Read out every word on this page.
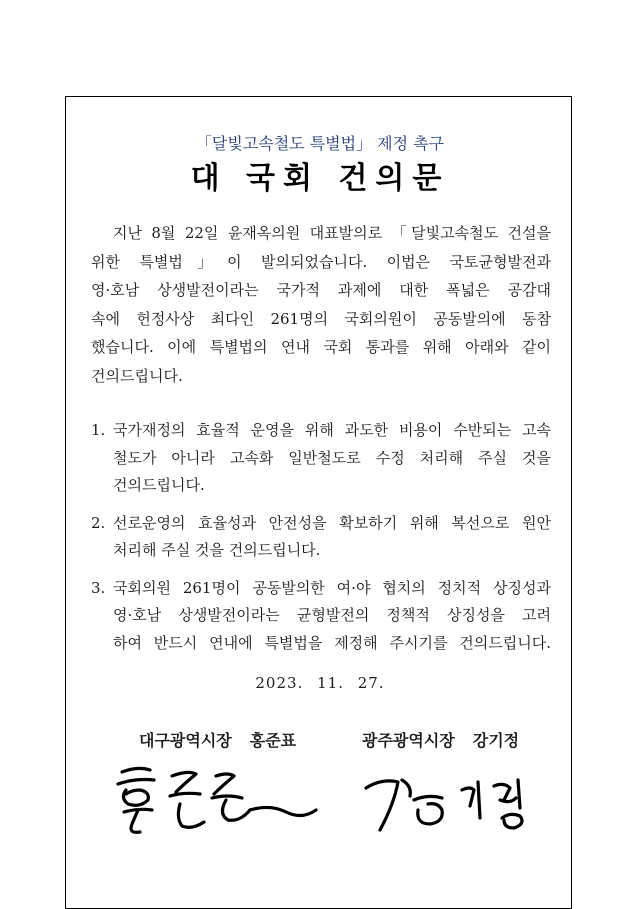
「달빛고속철도 특별법」 제정 촉구
대 국회 건의문
지난 8월 22일 윤재옥의원 대표발의로 「달빛고속철도 건설을
위한 특별법」이 발의되었습니다. 이법은 국토균형발전과
영·호남 상생발전이라는 국가적 과제에 대한 폭넓은 공감대
속에 헌정사상 최다인 261명의 국회의원이 공동발의에 동참
했습니다. 이에 특별법의 연내 국회 통과를 위해 아래와 같이
건의드립니다.
1. 국가재정의 효율적 운영을 위해 과도한 비용이 수반되는 고속
철도가 아니라 고속화 일반철도로 수정 처리해 주실 것을
건의드립니다.
2. 선로운영의 효율성과 안전성을 확보하기 위해 복선으로 원안
처리해 주실 것을 건의드립니다.
3. 국회의원 261명이 공동발의한 여·야 협치의 정치적 상징성과
영·호남 상생발전이라는 균형발전의 정책적 상징성을 고려
하여 반드시 연내에 특별법을 제정해 주시기를 건의드립니다.
2023. 11. 27.
대구광역시장 홍준표	광주광역시장 강기정
